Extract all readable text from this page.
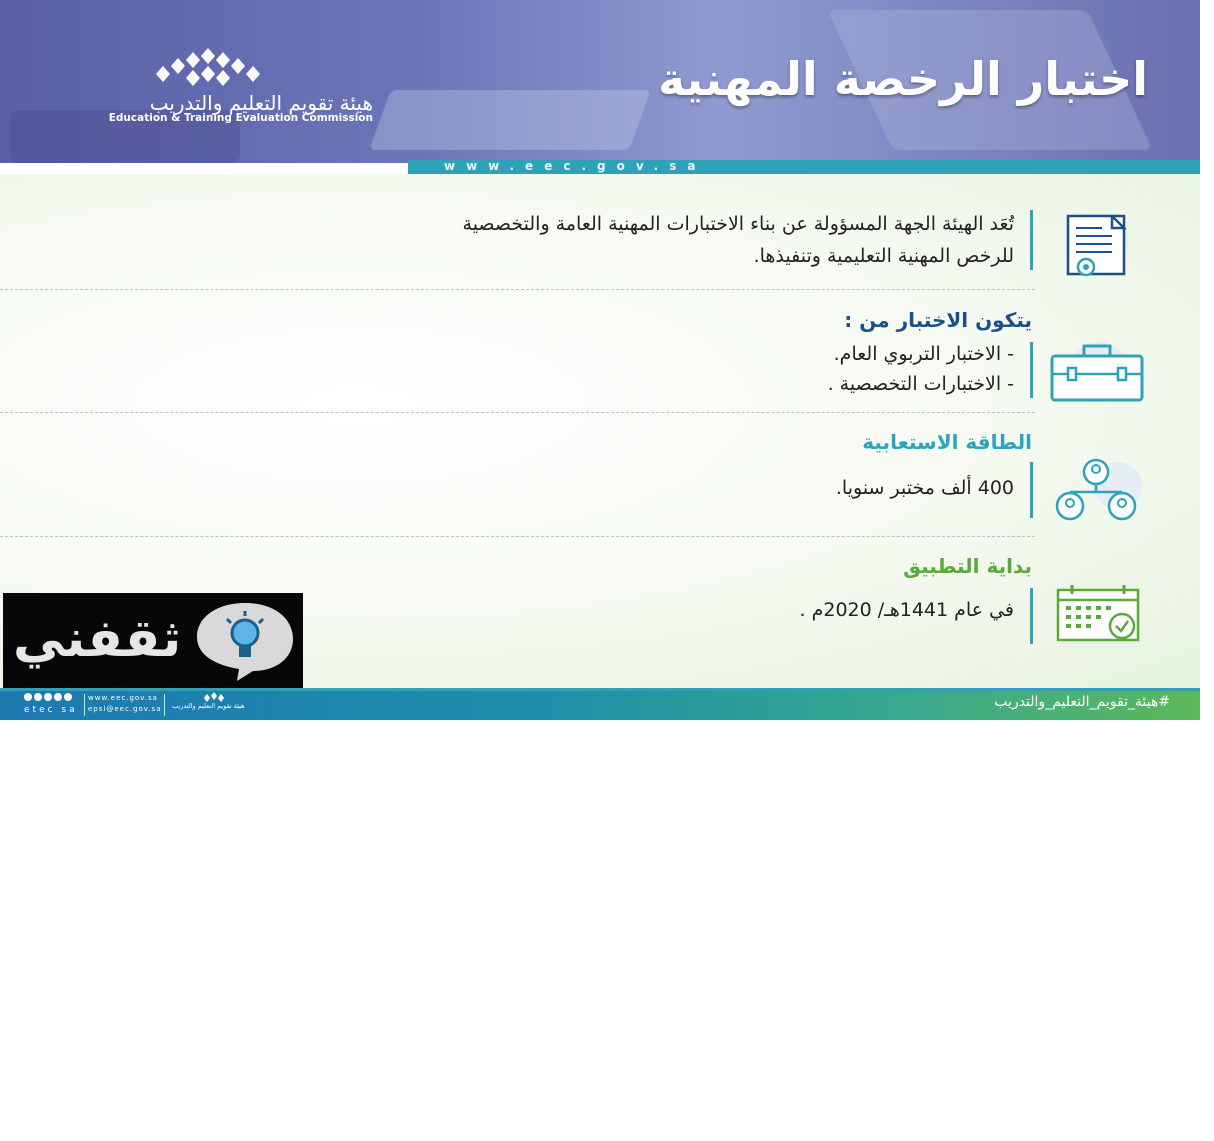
اختبار الرخصة المهنية
هيئة تقويم التعليم والتدريب
Education & Training Evaluation Commission
www.eec.gov.sa
تُعَد الهيئة الجهة المسؤولة عن بناء الاختبارات المهنية العامة والتخصصية
للرخص المهنية التعليمية وتنفيذها.
يتكون الاختبار من :
- الاختبار التربوي العام.
- الاختبارات التخصصية .
الطاقة الاستعابية
400 ألف مختبر سنويا.
بداية التطبيق
في عام 1441هـ/ 2020م .
ثقفني
etec sa
www.eec.gov.sa
epsl@eec.gov.sa هيئة تقويم التعليم والتدريب	#هيئة_تقويم_التعليم_والتدريب
